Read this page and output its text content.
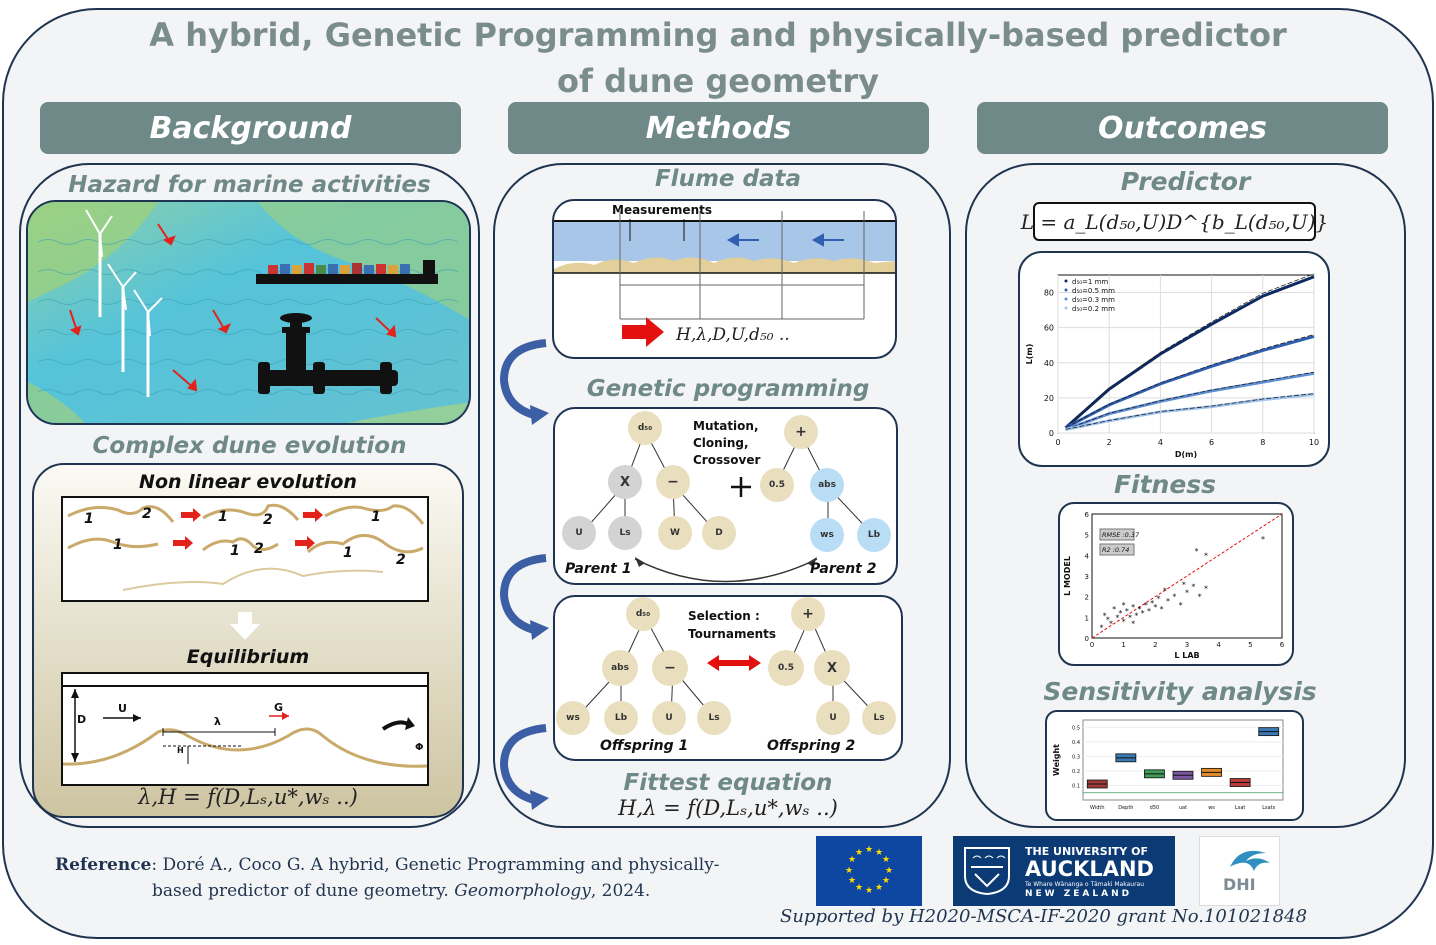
A hybrid, Genetic Programming and physically-based predictor
of dune geometry
Background	Methods	Outcomes
Hazard for marine activities
Complex dune evolution
Non linear evolution
1	2	1	2	1
1	1 2	1	2
Equilibrium
D
U
λ
G
H	Φ
λ,H = f(D,Lₛ,u*,wₛ ..)
Flume data
Measurements
H,λ,D,U,d₅₀ ..
Genetic programming
d₅₀
X	−
U	Ls	W	D
+
0.5	abs
ws	Lb
Mutation,
Cloning,
Crossover
Parent 1	Parent 2
d₅₀
abs	−
ws	Lb	U	Ls
+
0.5	X
U	Ls
Selection :
Tournaments
Offspring 1	Offspring 2
Fittest equation
H,λ = f(D,Lₛ,u*,wₛ ..)
Predictor
L = a_L(d₅₀,U)D^{b_L(d₅₀,U)}
0	2	4	6	8	10
0
20
40
60
80
d₅₀=1 mm
d₅₀=0.5 mm
d₅₀=0.3 mm
d₅₀=0.2 mm
D(m)
L(m)
Fitness
0	1	2	3	4	5	6
0
1
2
3
4
5
6
*
* *
* *
*
*
*
*
*
* *
*
*
* *
*
*
* *
*
*
*
*
*
* *
*
* *
*
*
*
*
RMSE :0.37
R2 :0.74
L LAB
L MODEL
Sensitivity analysis
0.1
0.2
0.3
0.4
0.5
Width	Depth	d50	uat	ws	Lsat	Lsats
Weight
Reference: Doré A., Coco G. A hybrid, Genetic Programming and physically-
based predictor of dune geometry. Geomorphology, 2024.
★ ★
★
★
★
★
★
★
★
★
★
★	THE UNIVERSITY OF
AUCKLAND
Te Whare Wānanga o Tāmaki Makaurau
NEW ZEALAND	DHI
Supported by H2020-MSCA-IF-2020 grant No.101021848
